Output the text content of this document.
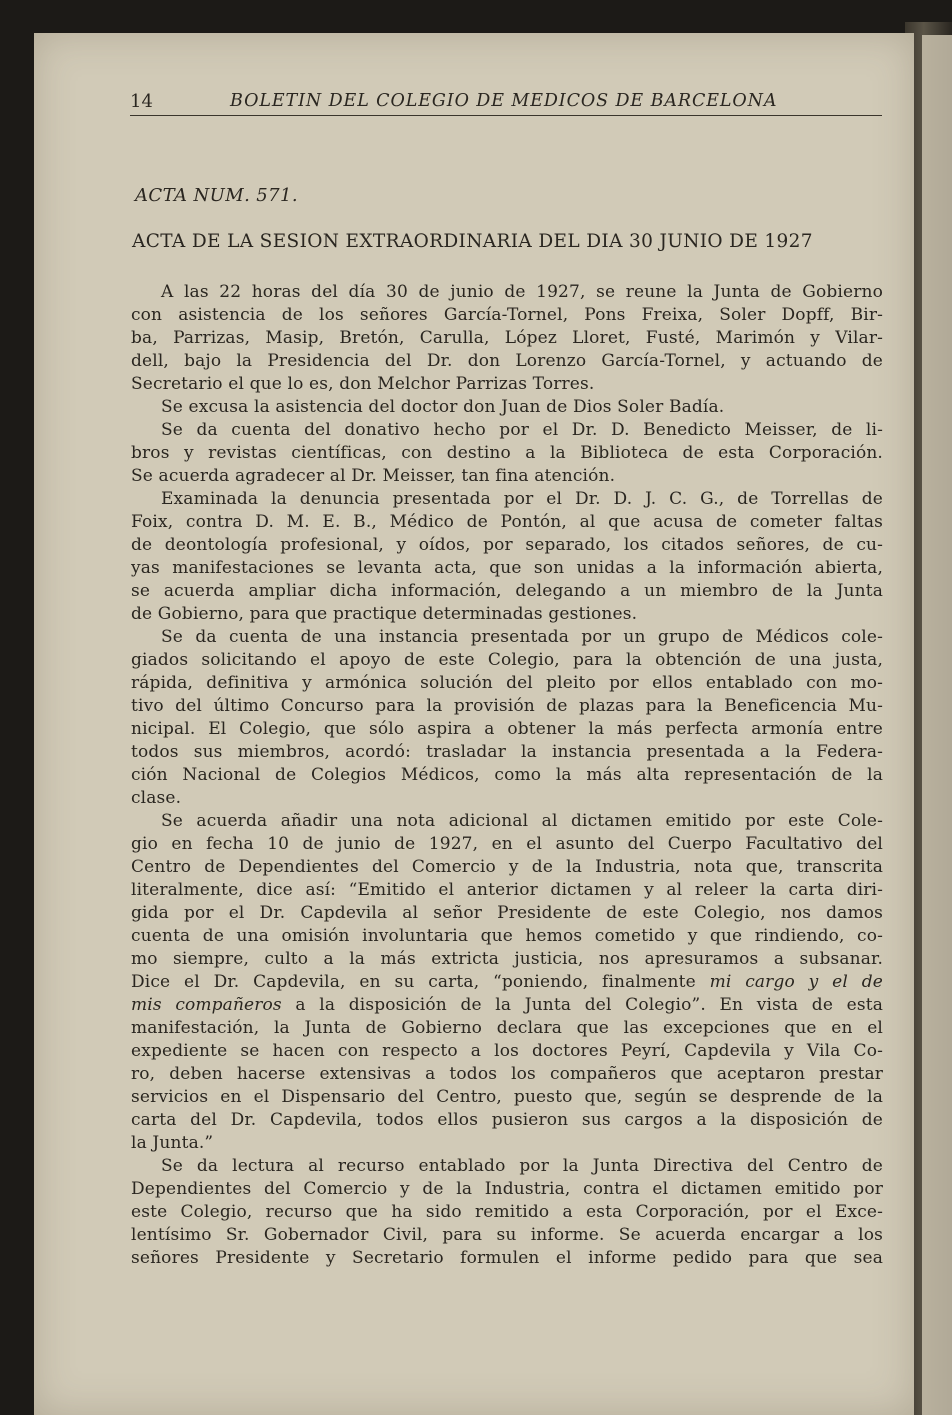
14	BOLETIN DEL COLEGIO DE MEDICOS DE BARCELONA
ACTA NUM. 571.
ACTA DE LA SESION EXTRAORDINARIA DEL DIA 30 JUNIO DE 1927
A las 22 horas del día 30 de junio de 1927, se reune la Junta de Gobierno
con asistencia de los señores García-Tornel, Pons Freixa, Soler Dopff, Bir-
ba, Parrizas, Masip, Bretón, Carulla, López Lloret, Fusté, Marimón y Vilar-
dell, bajo la Presidencia del Dr. don Lorenzo García-Tornel, y actuando de
Secretario el que lo es, don Melchor Parrizas Torres.
Se excusa la asistencia del doctor don Juan de Dios Soler Badía.
Se da cuenta del donativo hecho por el Dr. D. Benedicto Meisser, de li-
bros y revistas científicas, con destino a la Biblioteca de esta Corporación.
Se acuerda agradecer al Dr. Meisser, tan fina atención.
Examinada la denuncia presentada por el Dr. D. J. C. G., de Torrellas de
Foix, contra D. M. E. B., Médico de Pontón, al que acusa de cometer faltas
de deontología profesional, y oídos, por separado, los citados señores, de cu-
yas manifestaciones se levanta acta, que son unidas a la información abierta,
se acuerda ampliar dicha información, delegando a un miembro de la Junta
de Gobierno, para que practique determinadas gestiones.
Se da cuenta de una instancia presentada por un grupo de Médicos cole-
giados solicitando el apoyo de este Colegio, para la obtención de una justa,
rápida, definitiva y armónica solución del pleito por ellos entablado con mo-
tivo del último Concurso para la provisión de plazas para la Beneficencia Mu-
nicipal. El Colegio, que sólo aspira a obtener la más perfecta armonía entre
todos sus miembros, acordó: trasladar la instancia presentada a la Federa-
ción Nacional de Colegios Médicos, como la más alta representación de la
clase.
Se acuerda añadir una nota adicional al dictamen emitido por este Cole-
gio en fecha 10 de junio de 1927, en el asunto del Cuerpo Facultativo del
Centro de Dependientes del Comercio y de la Industria, nota que, transcrita
literalmente, dice así: “Emitido el anterior dictamen y al releer la carta diri-
gida por el Dr. Capdevila al señor Presidente de este Colegio, nos damos
cuenta de una omisión involuntaria que hemos cometido y que rindiendo, co-
mo siempre, culto a la más extricta justicia, nos apresuramos a subsanar.
Dice el Dr. Capdevila, en su carta, “poniendo, finalmente mi cargo y el de
mis compañeros a la disposición de la Junta del Colegio”. En vista de esta
manifestación, la Junta de Gobierno declara que las excepciones que en el
expediente se hacen con respecto a los doctores Peyrí, Capdevila y Vila Co-
ro, deben hacerse extensivas a todos los compañeros que aceptaron prestar
servicios en el Dispensario del Centro, puesto que, según se desprende de la
carta del Dr. Capdevila, todos ellos pusieron sus cargos a la disposición de
la Junta.”
Se da lectura al recurso entablado por la Junta Directiva del Centro de
Dependientes del Comercio y de la Industria, contra el dictamen emitido por
este Colegio, recurso que ha sido remitido a esta Corporación, por el Exce-
lentísimo Sr. Gobernador Civil, para su informe. Se acuerda encargar a los
señores Presidente y Secretario formulen el informe pedido para que sea
